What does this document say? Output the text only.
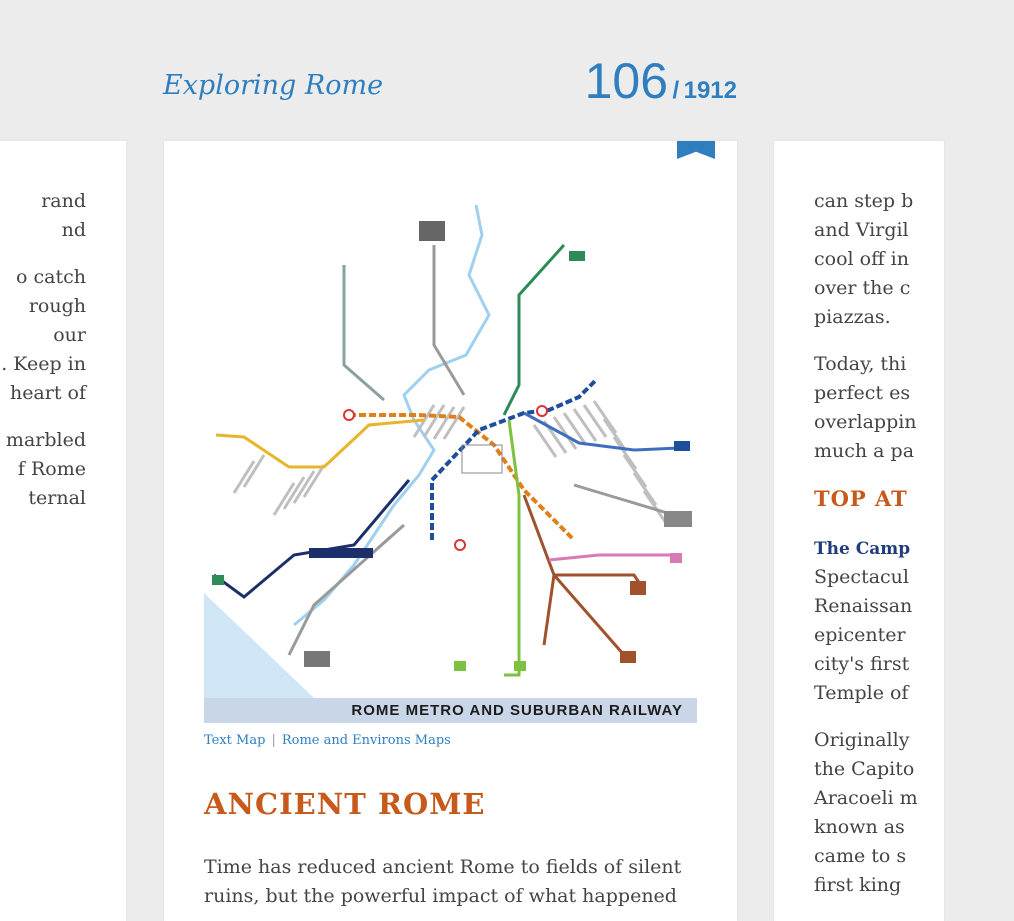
Exploring Rome	106 / 1912

rand
nd

o catch
rough
our
. Keep in
heart of

marbled
f Rome
ternal

ROME METRO AND SUBURBAN RAILWAY
Text Map | Rome and Environs Maps
ANCIENT ROME
Time has reduced ancient Rome to fields of silent
ruins, but the powerful impact of what happened

can step b
and Virgil
cool off in
over the c
piazzas.

Today, thi
perfect es
overlappin
much a pa

TOP AT
The Camp

Spectacul
Renaissan
epicenter
city's first
Temple of

Originally
the Capito
Aracoeli m
known as
came to s
first king
